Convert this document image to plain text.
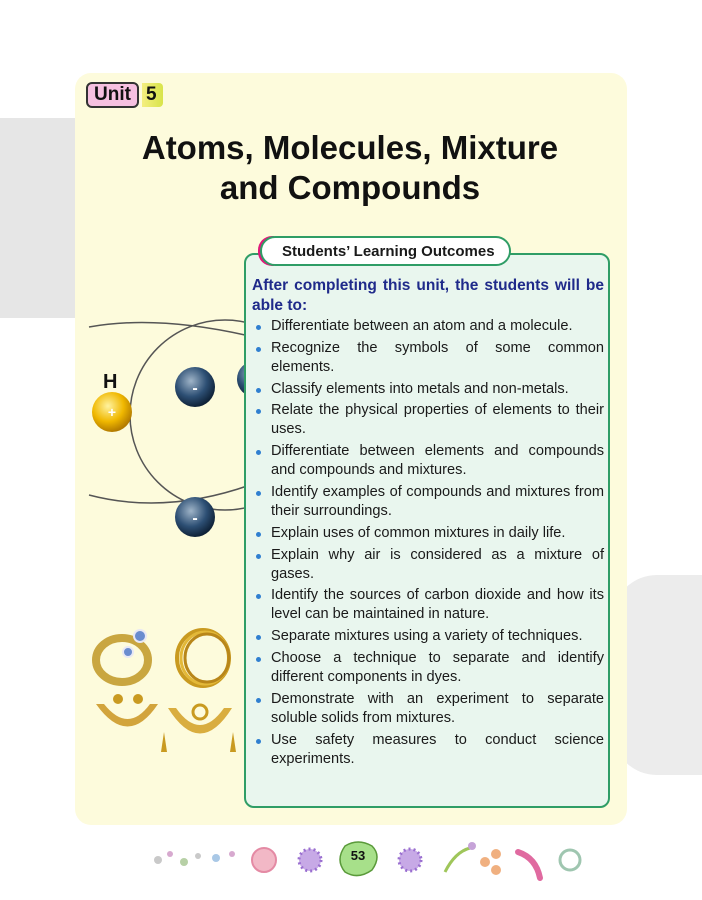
Unit 5
Atoms, Molecules, Mixture
and Compounds
-
-
+
H
Students’ Learning Outcomes
After completing this unit, the students will be able to:
Differentiate between an atom and a molecule.
Recognize the symbols of some common elements.
Classify elements into metals and non-metals.
Relate the physical properties of elements to their uses.
Differentiate between elements and compounds and compounds and mixtures.
Identify examples of compounds and mixtures from their surroundings.
Explain uses of common mixtures in daily life.
Explain why air is considered as a mixture of gases.
Identify the sources of carbon dioxide and how its level can be maintained in nature.
Separate mixtures using a variety of techniques.
Choose a technique to separate and identify different components in dyes.
Demonstrate with an experiment to separate soluble solids from mixtures.
Use safety measures to conduct science experiments.
53
